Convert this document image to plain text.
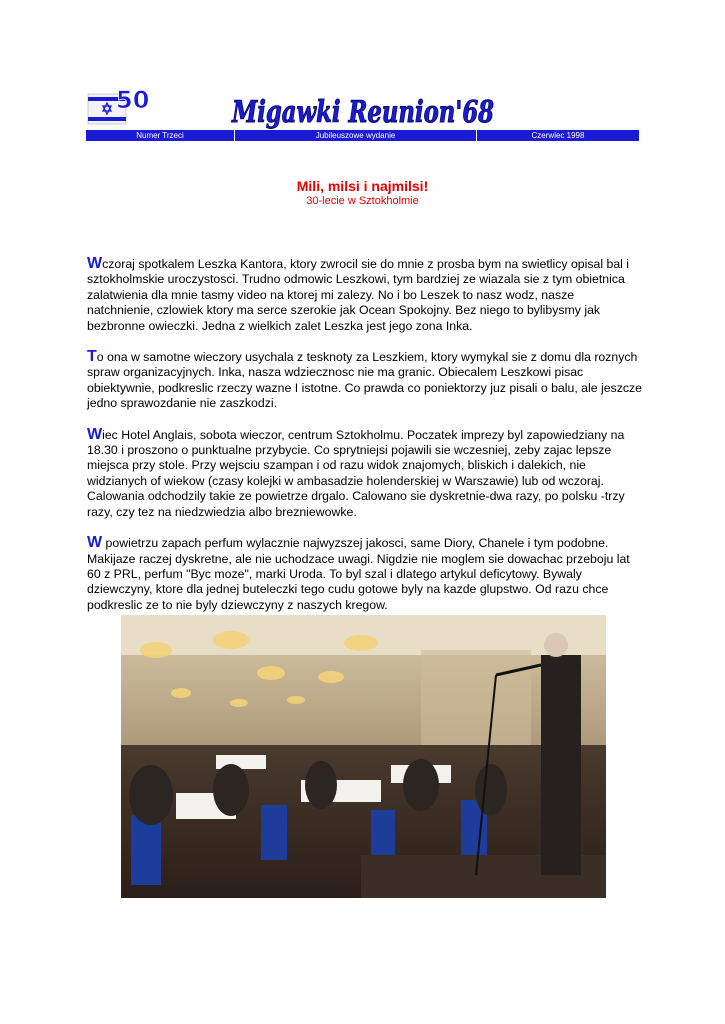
50	Migawki Reunion'68
Numer Trzeci	Jubileuszowe wydanie	Czerwiec 1998
Mili, milsi i najmilsi!
30-lecie w Sztokholmie

Wczoraj spotkalem Leszka Kantora, ktory zwrocil sie do mnie z prosba bym na swietlicy opisal bal i sztokholmskie uroczystosci. Trudno odmowic Leszkowi, tym bardziej ze wiazala sie z tym obietnica zalatwienia dla mnie tasmy video na ktorej mi zalezy. No i bo Leszek to nasz wodz, nasze natchnienie, czlowiek ktory ma serce szerokie jak Ocean Spokojny. Bez niego to bylibysmy jak bezbronne owieczki. Jedna z wielkich zalet Leszka jest jego zona Inka.

To ona w samotne wieczory usychala z tesknoty za Leszkiem, ktory wymykal sie z domu dla roznych spraw organizacyjnych. Inka, nasza wdziecznosc nie ma granic. Obiecalem Leszkowi pisac obiektywnie, podkreslic rzeczy wazne I istotne. Co prawda co poniektorzy juz pisali o balu, ale jeszcze jedno sprawozdanie nie zaszkodzi.

Wiec Hotel Anglais, sobota wieczor, centrum Sztokholmu. Poczatek imprezy byl zapowiedziany na 18.30 i proszono o punktualne przybycie. Co sprytniejsi pojawili sie wczesniej, zeby zajac lepsze miejsca przy stole. Przy wejsciu szampan i od razu widok znajomych, bliskich i dalekich, nie widzianych of wiekow (czasy kolejki w ambasadzie holenderskiej w Warszawie) lub od wczoraj. Calowania odchodzily takie ze powietrze drgalo. Calowano sie dyskretnie-dwa razy, po polsku -trzy razy, czy tez na niedzwiedzia albo brezniewowke.

W powietrzu zapach perfum wylacznie najwyzszej jakosci, same Diory, Chanele i tym podobne. Makijaze raczej dyskretne, ale nie uchodzace uwagi. Nigdzie nie moglem sie dowachac przeboju lat 60 z PRL, perfum "Byc moze", marki Uroda. To byl szal i dlatego artykul deficytowy. Bywaly dziewczyny, ktore dla jednej buteleczki tego cudu gotowe byly na kazde glupstwo. Od razu chce podkreslic ze to nie byly dziewczyny z naszych kregow.
